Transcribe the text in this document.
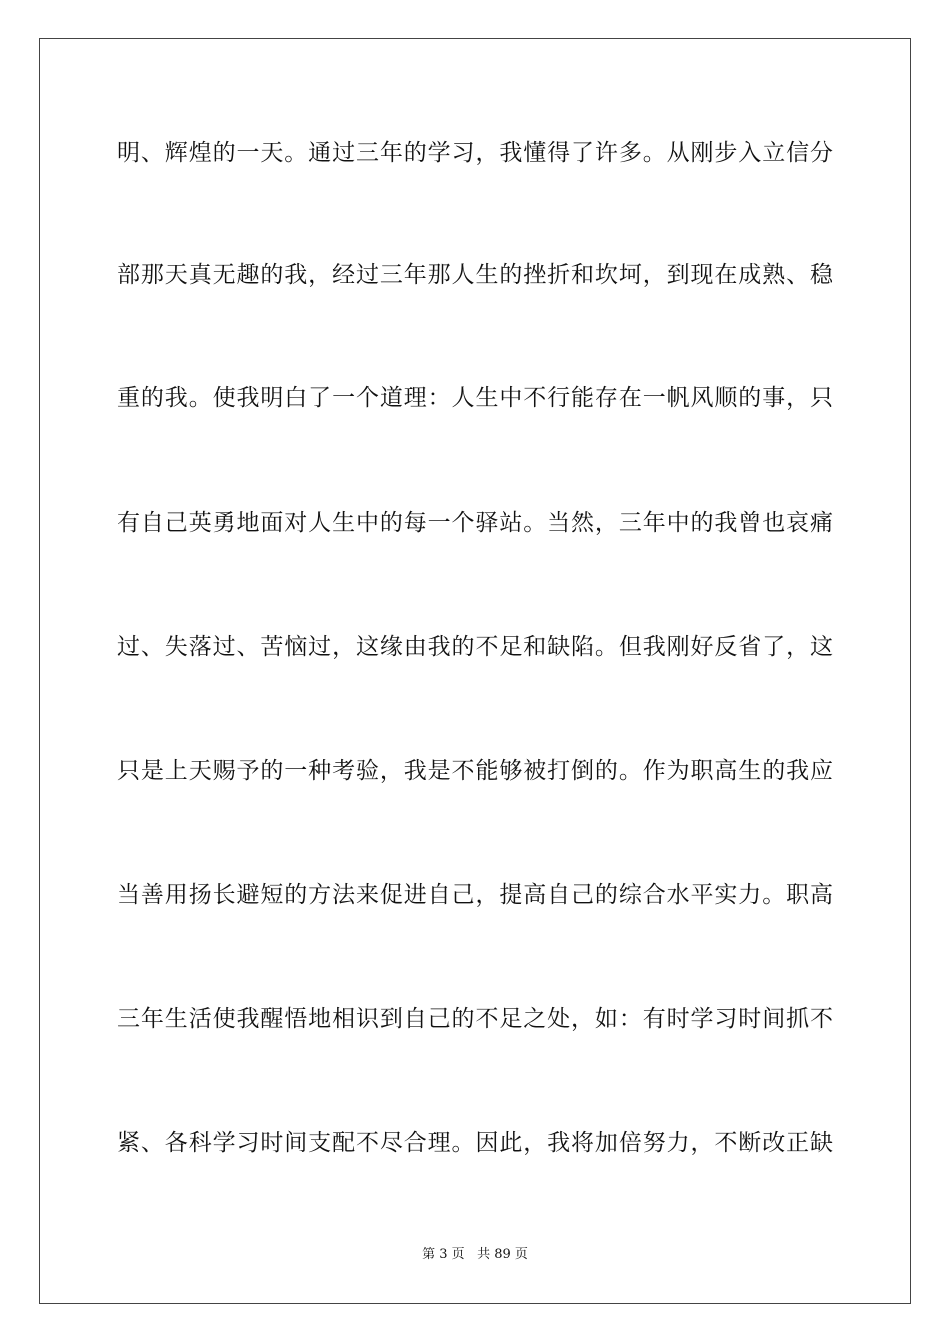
明、辉煌的一天。通过三年的学习，我懂得了许多。从刚步入立信分
部那天真无趣的我，经过三年那人生的挫折和坎坷，到现在成熟、稳
重的我。使我明白了一个道理：人生中不行能存在一帆风顺的事，只
有自己英勇地面对人生中的每一个驿站。当然，三年中的我曾也哀痛
过、失落过、苦恼过，这缘由我的不足和缺陷。但我刚好反省了，这
只是上天赐予的一种考验，我是不能够被打倒的。作为职高生的我应
当善用扬长避短的方法来促进自己，提高自己的综合水平实力。职高
三年生活使我醒悟地相识到自己的不足之处，如：有时学习时间抓不
紧、各科学习时间支配不尽合理。因此，我将加倍努力，不断改正缺
第 3 页 共 89 页
